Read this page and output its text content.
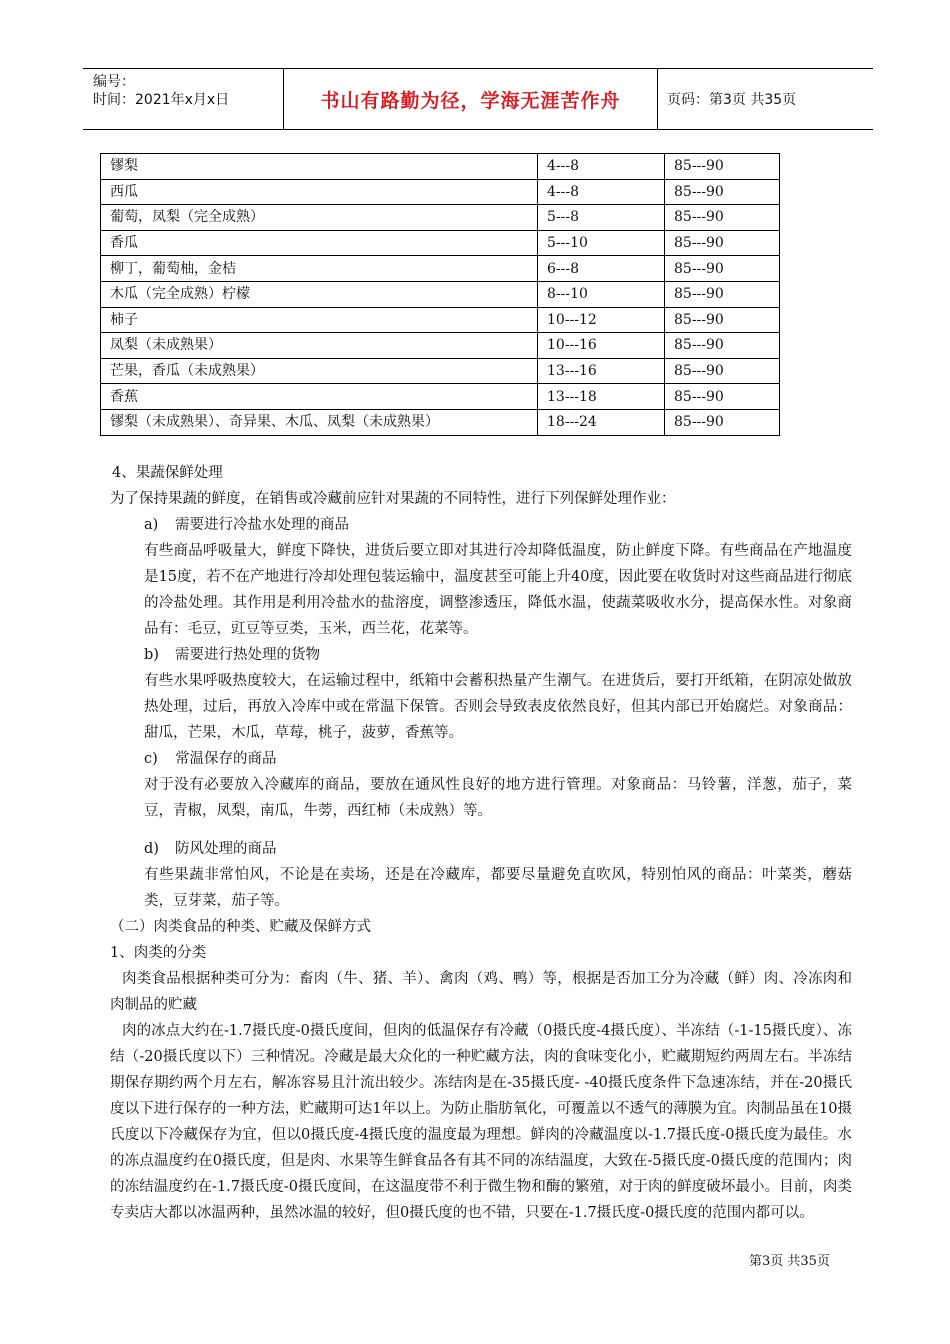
编号：
时间：2021年x月x日	书山有路勤为径，学海无涯苦作舟	页码：第3页 共35页
镠梨	4---8	85---90
西瓜	4---8	85---90
葡萄，凤梨（完全成熟）	5---8	85---90
香瓜	5---10	85---90
柳丁，葡萄柚，金桔	6---8	85---90
木瓜（完全成熟）柠檬	8---10	85---90
柿子	10---12	85---90
凤梨（未成熟果）	10---16	85---90
芒果，香瓜（未成熟果）	13---16	85---90
香蕉	13---18	85---90
镠梨（未成熟果）、奇异果、木瓜、凤梨（未成熟果）	18---24	85---90
4、果蔬保鲜处理
为了保持果蔬的鲜度，在销售或冷藏前应针对果蔬的不同特性，进行下列保鲜处理作业：
a) 需要进行冷盐水处理的商品
有些商品呼吸量大，鲜度下降快，进货后要立即对其进行冷却降低温度，防止鲜度下降。有些商品在产地温度是15度，若不在产地进行冷却处理包装运输中，温度甚至可能上升40度，因此要在收货时对这些商品进行彻底的冷盐处理。其作用是利用冷盐水的盐溶度，调整渗透压，降低水温，使蔬菜吸收水分，提高保水性。对象商品有：毛豆，豇豆等豆类，玉米，西兰花，花菜等。
b) 需要进行热处理的货物
有些水果呼吸热度较大，在运输过程中，纸箱中会蓄积热量产生潮气。在进货后，要打开纸箱，在阴凉处做放热处理，过后，再放入冷库中或在常温下保管。否则会导致表皮依然良好，但其内部已开始腐烂。对象商品：甜瓜，芒果，木瓜，草莓，桃子，菠萝，香蕉等。
c) 常温保存的商品
对于没有必要放入冷藏库的商品，要放在通风性良好的地方进行管理。对象商品：马铃薯，洋葱，茄子，菜豆，青椒，凤梨，南瓜，牛蒡，西红柿（未成熟）等。
d) 防风处理的商品
有些果蔬非常怕风，不论是在卖场，还是在冷藏库，都要尽量避免直吹风，特别怕风的商品：叶菜类，蘑菇类，豆芽菜，茄子等。
（二）肉类食品的种类、贮藏及保鲜方式
1、肉类的分类
肉类食品根据种类可分为：畜肉（牛、猪、羊）、禽肉（鸡、鸭）等，根据是否加工分为冷藏（鲜）肉、冷冻肉和肉制品的贮藏
肉的冰点大约在-1.7摄氏度-0摄氏度间，但肉的低温保存有冷藏（0摄氏度-4摄氏度）、半冻结（-1-15摄氏度）、冻结（-20摄氏度以下）三种情况。冷藏是最大众化的一种贮藏方法，肉的食味变化小，贮藏期短约两周左右。半冻结期保存期约两个月左右，解冻容易且汁流出较少。冻结肉是在-35摄氏度- -40摄氏度条件下急速冻结，并在-20摄氏度以下进行保存的一种方法，贮藏期可达1年以上。为防止脂肪氧化，可覆盖以不透气的薄膜为宜。肉制品虽在10摄氏度以下冷藏保存为宜，但以0摄氏度-4摄氏度的温度最为理想。鲜肉的冷藏温度以-1.7摄氏度-0摄氏度为最佳。水的冻点温度约在0摄氏度，但是肉、水果等生鲜食品各有其不同的冻结温度，大致在-5摄氏度-0摄氏度的范围内；肉的冻结温度约在-1.7摄氏度-0摄氏度间，在这温度带不利于微生物和酶的繁殖，对于肉的鲜度破坏最小。目前，肉类专卖店大都以冰温两种，虽然冰温的较好，但0摄氏度的也不错，只要在-1.7摄氏度-0摄氏度的范围内都可以。
第3页 共35页
